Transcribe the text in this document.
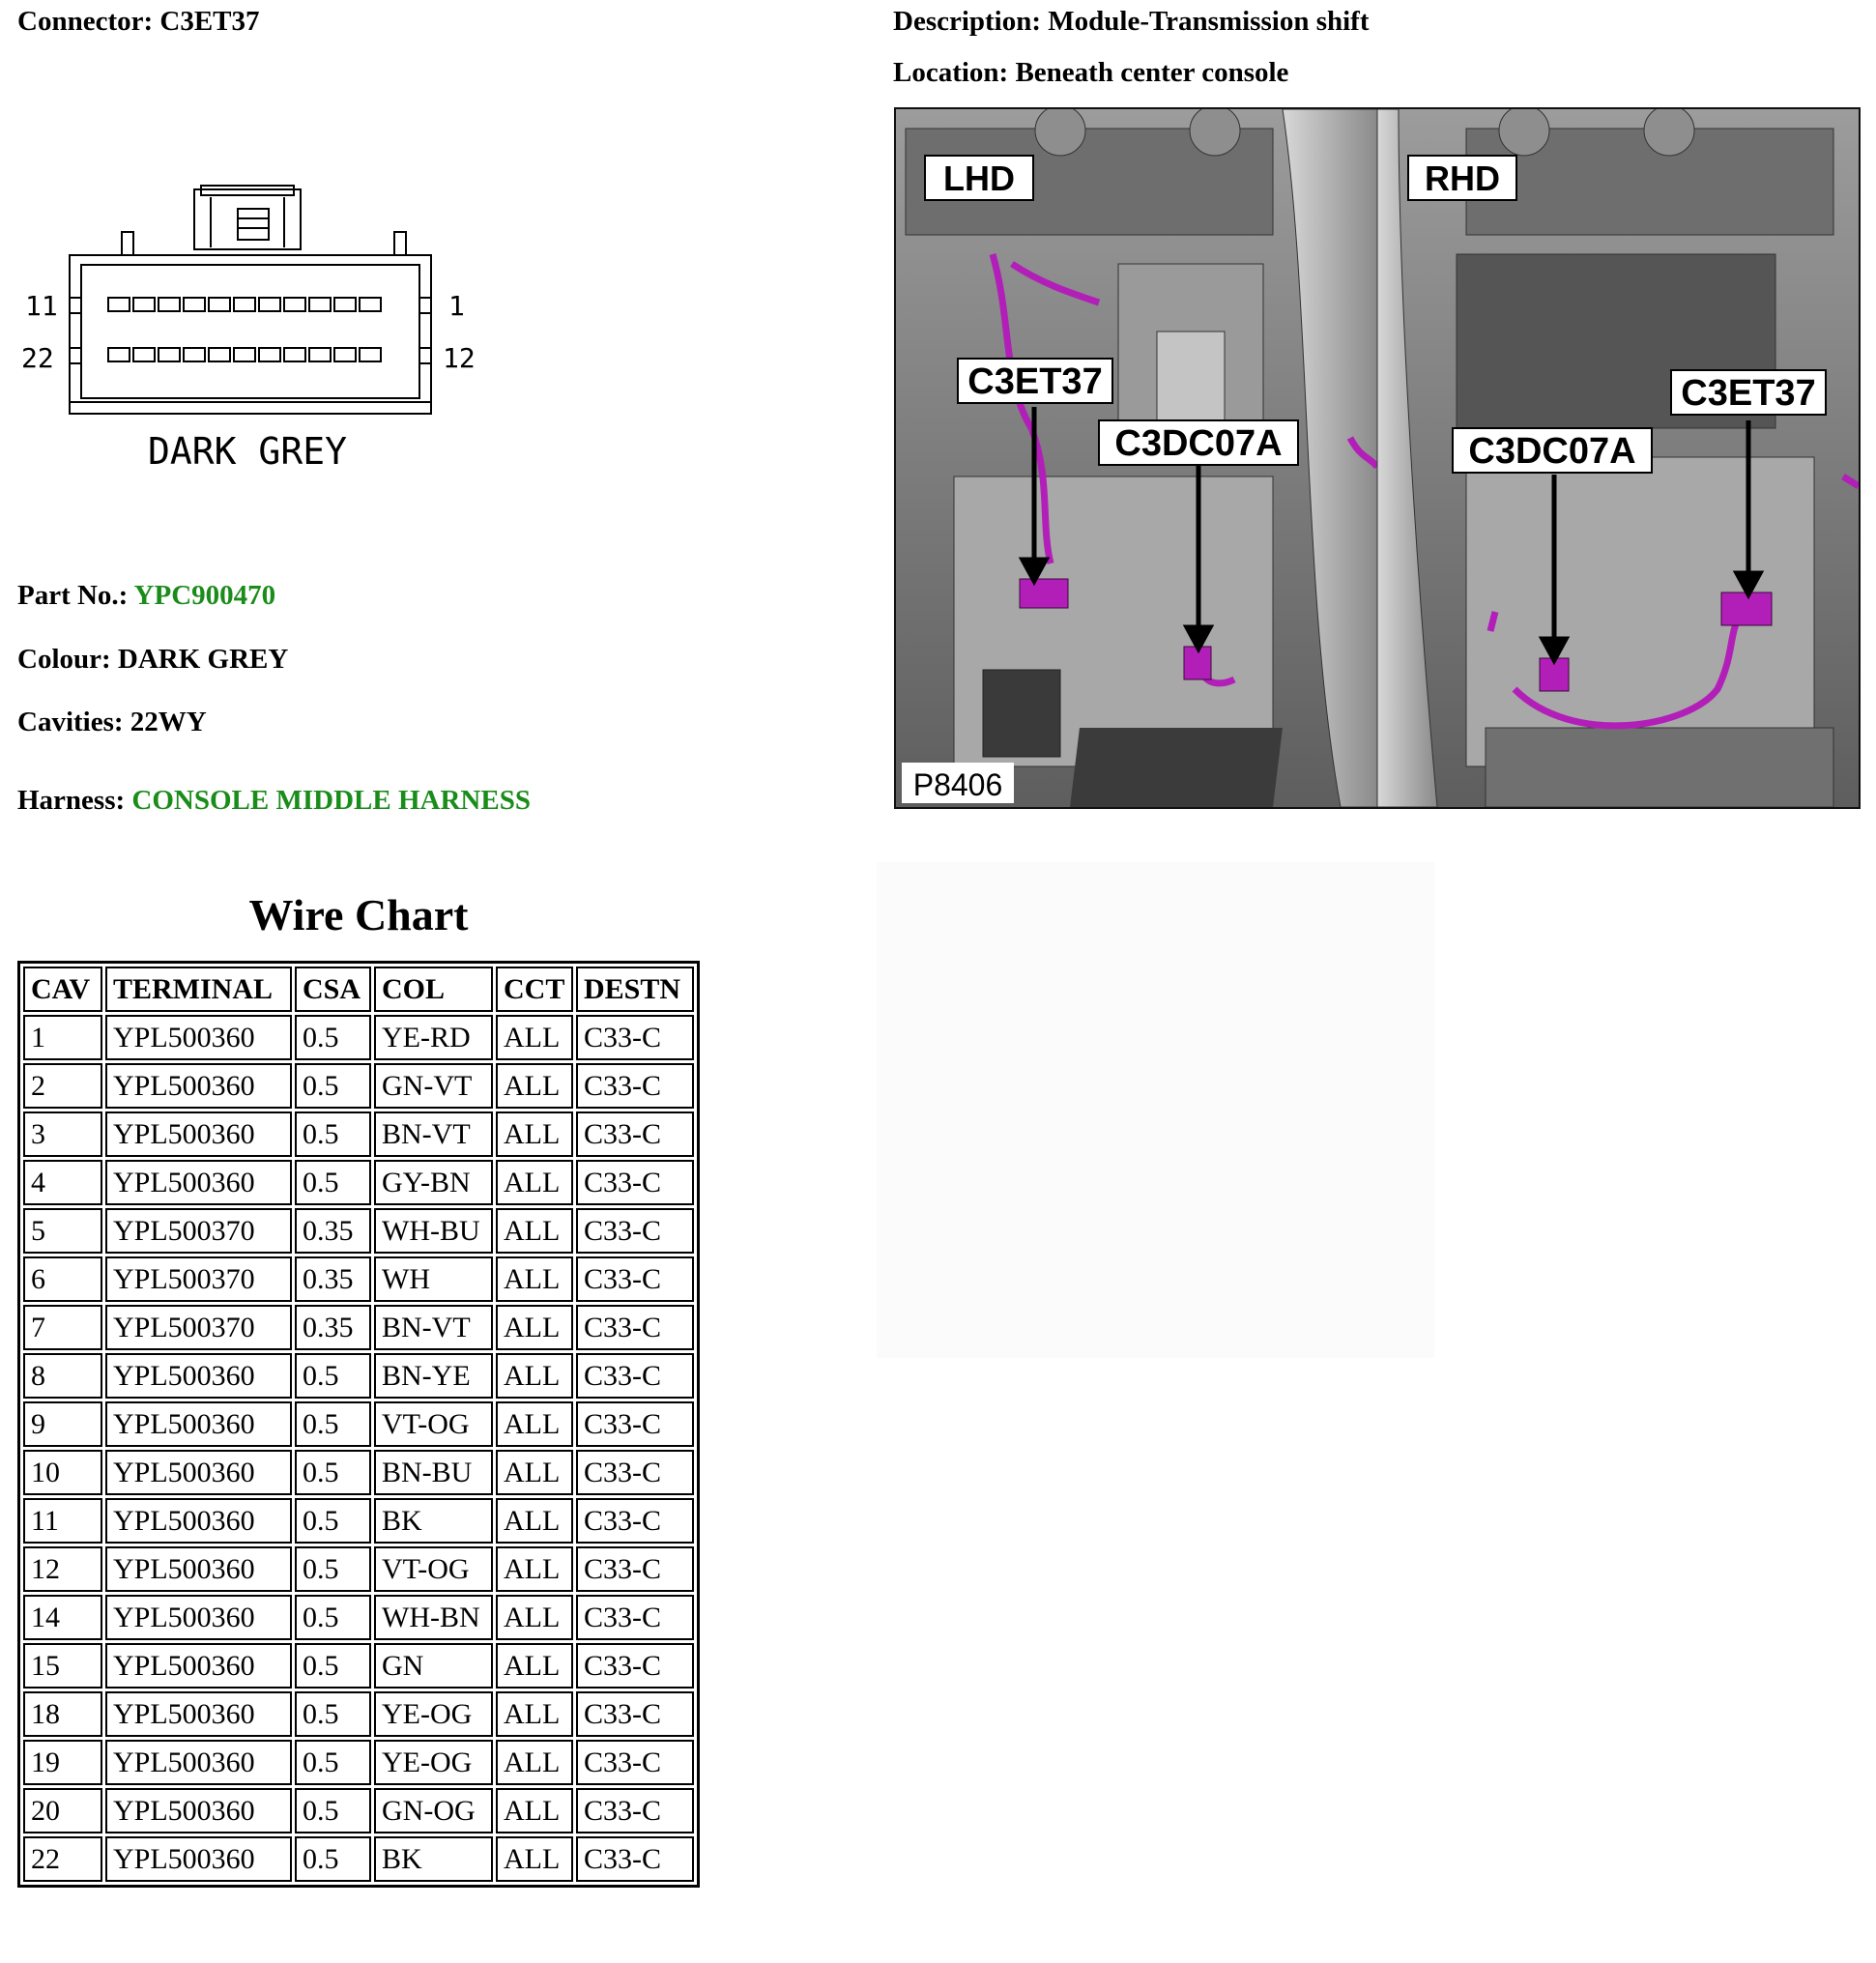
Connector: C3ET37	Description: Module-Transmission shift
Location: Beneath center console
11	1
22	12
DARK GREY
Part No.: YPC900470
Colour: DARK GREY
Cavities: 22WY
Harness: CONSOLE MIDDLE HARNESS
LHD	RHD
C3ET37
C3DC07A	C3DC07A
C3ET37
P8406
Wire Chart
CAV	TERMINAL	CSA	COL	CCT	DESTN
1	YPL500360	0.5	YE-RD	ALL	C33-C
2	YPL500360	0.5	GN-VT	ALL	C33-C
3	YPL500360	0.5	BN-VT	ALL	C33-C
4	YPL500360	0.5	GY-BN	ALL	C33-C
5	YPL500370	0.35	WH-BU	ALL	C33-C
6	YPL500370	0.35	WH	ALL	C33-C
7	YPL500370	0.35	BN-VT	ALL	C33-C
8	YPL500360	0.5	BN-YE	ALL	C33-C
9	YPL500360	0.5	VT-OG	ALL	C33-C
10	YPL500360	0.5	BN-BU	ALL	C33-C
11	YPL500360	0.5	BK	ALL	C33-C
12	YPL500360	0.5	VT-OG	ALL	C33-C
14	YPL500360	0.5	WH-BN	ALL	C33-C
15	YPL500360	0.5	GN	ALL	C33-C
18	YPL500360	0.5	YE-OG	ALL	C33-C
19	YPL500360	0.5	YE-OG	ALL	C33-C
20	YPL500360	0.5	GN-OG	ALL	C33-C
22	YPL500360	0.5	BK	ALL	C33-C
